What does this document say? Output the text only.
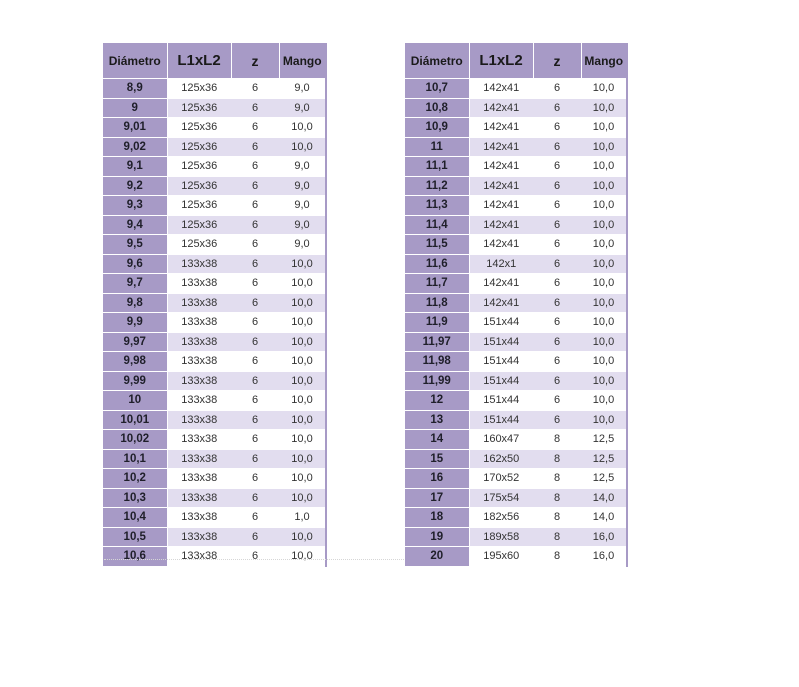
Diámetro	L1xL2	z	Mango
8,9	125x36	6	9,0
9	125x36	6	9,0
9,01	125x36	6	10,0
9,02	125x36	6	10,0
9,1	125x36	6	9,0
9,2	125x36	6	9,0
9,3	125x36	6	9,0
9,4	125x36	6	9,0
9,5	125x36	6	9,0
9,6	133x38	6	10,0
9,7	133x38	6	10,0
9,8	133x38	6	10,0
9,9	133x38	6	10,0
9,97	133x38	6	10,0
9,98	133x38	6	10,0
9,99	133x38	6	10,0
10	133x38	6	10,0
10,01	133x38	6	10,0
10,02	133x38	6	10,0
10,1	133x38	6	10,0
10,2	133x38	6	10,0
10,3	133x38	6	10,0
10,4	133x38	6	1,0
10,5	133x38	6	10,0
10,6	133x38	6	10,0
Diámetro	L1xL2	z	Mango
10,7	142x41	6	10,0
10,8	142x41	6	10,0
10,9	142x41	6	10,0
11	142x41	6	10,0
11,1	142x41	6	10,0
11,2	142x41	6	10,0
11,3	142x41	6	10,0
11,4	142x41	6	10,0
11,5	142x41	6	10,0
11,6	142x1	6	10,0
11,7	142x41	6	10,0
11,8	142x41	6	10,0
11,9	151x44	6	10,0
11,97	151x44	6	10,0
11,98	151x44	6	10,0
11,99	151x44	6	10,0
12	151x44	6	10,0
13	151x44	6	10,0
14	160x47	8	12,5
15	162x50	8	12,5
16	170x52	8	12,5
17	175x54	8	14,0
18	182x56	8	14,0
19	189x58	8	16,0
20	195x60	8	16,0
